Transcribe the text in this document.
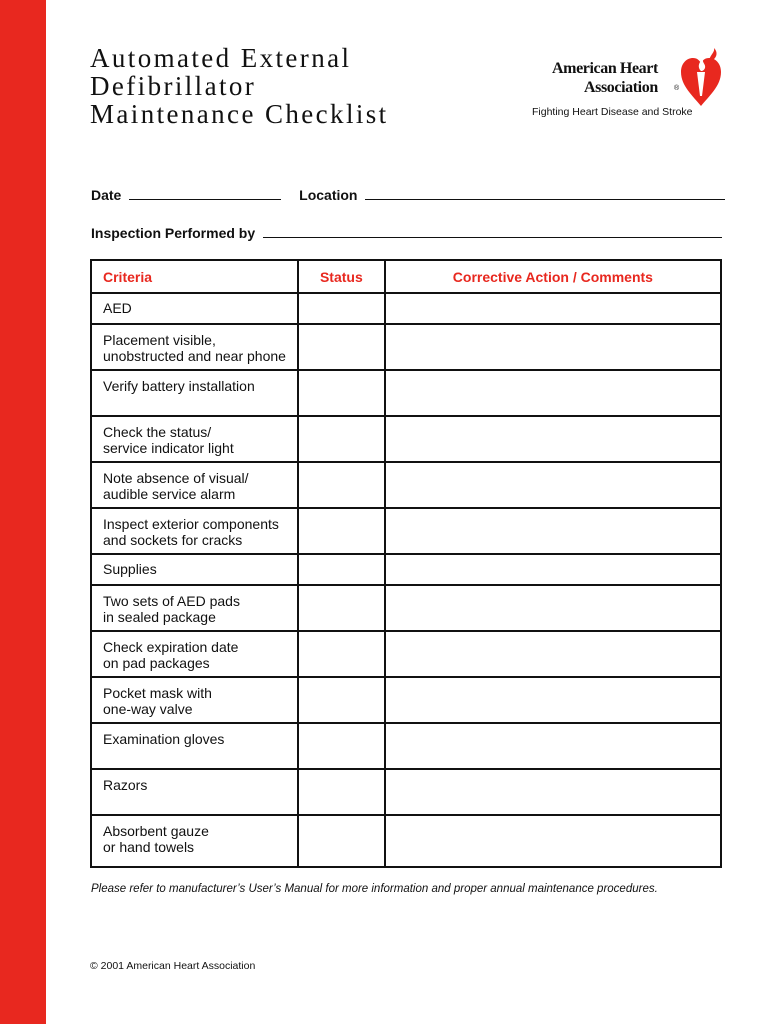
Automated External
Defibrillator
Maintenance Checklist
American Heart
Association ®
Fighting Heart Disease and Stroke
Date	Location
Inspection Performed by
Criteria	Status	Corrective Action / Comments

AED		

Placement visible,
unobstructed and near phone		

Verify battery installation		

Check the status/
service indicator light		

Note absence of visual/
audible service alarm		

Inspect exterior components
and sockets for cracks		

Supplies		

Two sets of AED pads
in sealed package		

Check expiration date
on pad packages		

Pocket mask with
one-way valve		

Examination gloves		

Razors		

Absorbent gauze
or hand towels		

Please refer to manufacturer’s User’s Manual for more information and proper annual maintenance procedures.
© 2001 American Heart Association
